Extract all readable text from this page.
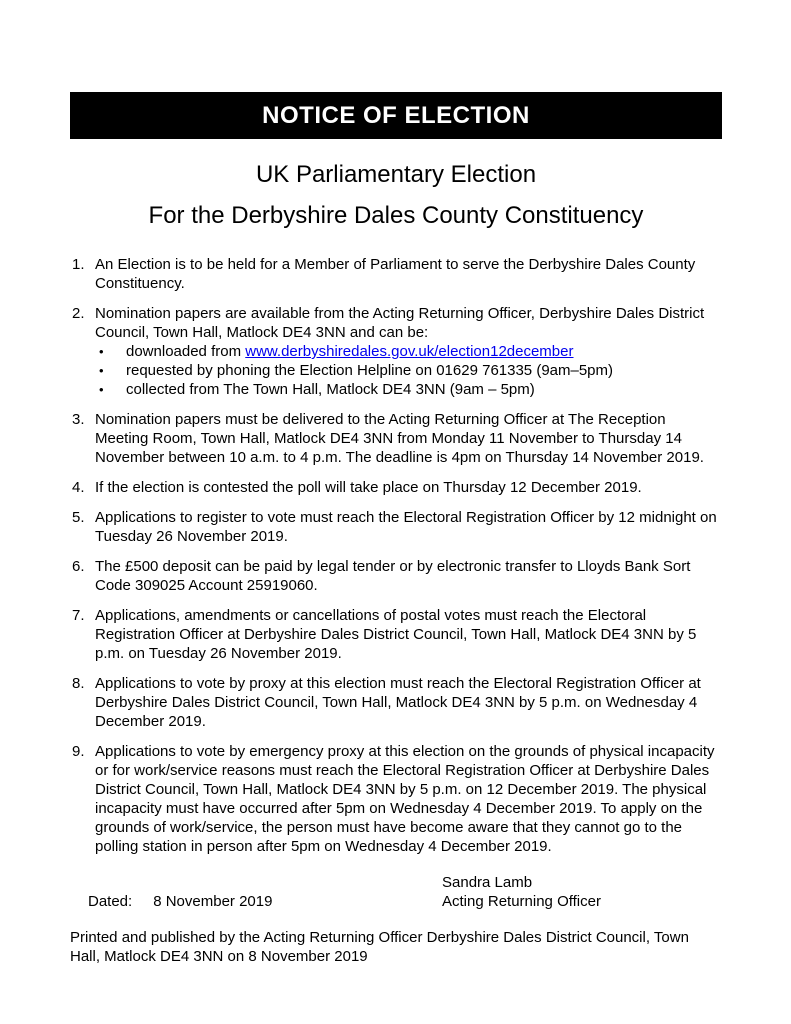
NOTICE OF ELECTION
UK Parliamentary Election
For the Derbyshire Dales County Constituency
1. An Election is to be held for a Member of Parliament to serve the Derbyshire Dales County Constituency.
2. Nomination papers are available from the Acting Returning Officer, Derbyshire Dales District Council, Town Hall, Matlock DE4 3NN and can be:
•	downloaded from www.derbyshiredales.gov.uk/election12december
•	requested by phoning the Election Helpline on 01629 761335 (9am–5pm)
•	collected from The Town Hall, Matlock DE4 3NN (9am – 5pm)
3. Nomination papers must be delivered to the Acting Returning Officer at The Reception Meeting Room, Town Hall, Matlock DE4 3NN from Monday 11 November to Thursday 14 November between 10 a.m. to 4 p.m. The deadline is 4pm on Thursday 14 November 2019.
4. If the election is contested the poll will take place on Thursday 12 December 2019.
5. Applications to register to vote must reach the Electoral Registration Officer by 12 midnight on Tuesday 26 November 2019.
6. The £500 deposit can be paid by legal tender or by electronic transfer to Lloyds Bank Sort Code 309025 Account 25919060.
7. Applications, amendments or cancellations of postal votes must reach the Electoral Registration Officer at Derbyshire Dales District Council, Town Hall, Matlock DE4 3NN by 5 p.m. on Tuesday 26 November 2019.
8. Applications to vote by proxy at this election must reach the Electoral Registration Officer at Derbyshire Dales District Council, Town Hall, Matlock DE4 3NN by 5 p.m. on Wednesday 4 December 2019.
9. Applications to vote by emergency proxy at this election on the grounds of physical incapacity or for work/service reasons must reach the Electoral Registration Officer at Derbyshire Dales District Council, Town Hall, Matlock DE4 3NN by 5 p.m. on 12 December 2019. The physical incapacity must have occurred after 5pm on Wednesday 4 December 2019. To apply on the grounds of work/service, the person must have become aware that they cannot go to the polling station in person after 5pm on Wednesday 4 December 2019.
Sandra Lamb
Dated: 8 November 2019	Acting Returning Officer
Printed and published by the Acting Returning Officer Derbyshire Dales District Council, Town Hall, Matlock DE4 3NN on 8 November 2019
